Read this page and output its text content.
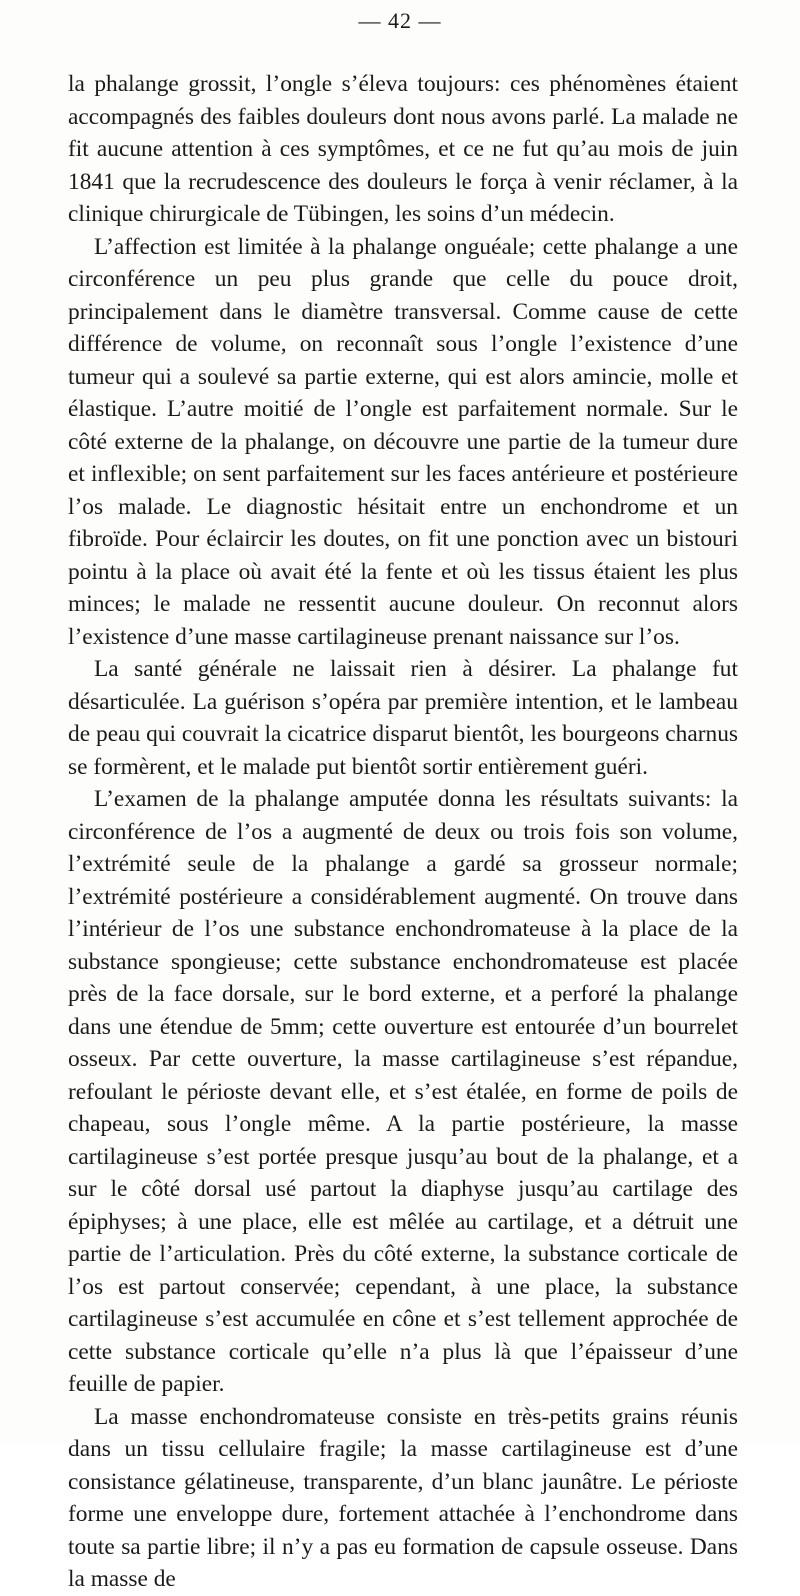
— 42 —

la phalange grossit, l’ongle s’éleva toujours: ces phénomènes étaient accompagnés des faibles douleurs dont nous avons parlé. La malade ne fit aucune attention à ces symptômes, et ce ne fut qu’au mois de juin 1841 que la recrudescence des douleurs le força à venir réclamer, à la clinique chirurgicale de Tübingen, les soins d’un médecin.

L’affection est limitée à la phalange onguéale; cette phalange a une circonférence un peu plus grande que celle du pouce droit, principalement dans le diamètre transversal. Comme cause de cette différence de volume, on reconnaît sous l’ongle l’existence d’une tumeur qui a soulevé sa partie externe, qui est alors amincie, molle et élastique. L’autre moitié de l’ongle est parfaitement normale. Sur le côté externe de la phalange, on découvre une partie de la tumeur dure et inflexible; on sent parfaitement sur les faces antérieure et postérieure l’os malade. Le diagnostic hésitait entre un enchondrome et un fibroïde. Pour éclaircir les doutes, on fit une ponction avec un bistouri pointu à la place où avait été la fente et où les tissus étaient les plus minces; le malade ne ressentit aucune douleur. On reconnut alors l’existence d’une masse cartilagineuse prenant naissance sur l’os.

La santé générale ne laissait rien à désirer. La phalange fut désarticulée. La guérison s’opéra par première intention, et le lambeau de peau qui couvrait la cicatrice disparut bientôt, les bourgeons charnus se formèrent, et le malade put bientôt sortir entièrement guéri.

L’examen de la phalange amputée donna les résultats suivants: la circonférence de l’os a augmenté de deux ou trois fois son volume, l’extrémité seule de la phalange a gardé sa grosseur normale; l’extrémité postérieure a considérablement augmenté. On trouve dans l’intérieur de l’os une substance enchondromateuse à la place de la substance spongieuse; cette substance enchondromateuse est placée près de la face dorsale, sur le bord externe, et a perforé la phalange dans une étendue de 5mm; cette ouverture est entourée d’un bourrelet osseux. Par cette ouverture, la masse cartilagineuse s’est répandue, refoulant le périoste devant elle, et s’est étalée, en forme de poils de chapeau, sous l’ongle même. A la partie postérieure, la masse cartilagineuse s’est portée presque jusqu’au bout de la phalange, et a sur le côté dorsal usé partout la diaphyse jusqu’au cartilage des épiphyses; à une place, elle est mêlée au cartilage, et a détruit une partie de l’articulation. Près du côté externe, la substance corticale de l’os est partout conservée; cependant, à une place, la substance cartilagineuse s’est accumulée en cône et s’est tellement approchée de cette substance corticale qu’elle n’a plus là que l’épaisseur d’une feuille de papier.

La masse enchondromateuse consiste en très-petits grains réunis dans un tissu cellulaire fragile; la masse cartilagineuse est d’une consistance gélatineuse, transparente, d’un blanc jaunâtre. Le périoste forme une enveloppe dure, fortement attachée à l’enchondrome dans toute sa partie libre; il n’y a pas eu formation de capsule osseuse. Dans la masse de
